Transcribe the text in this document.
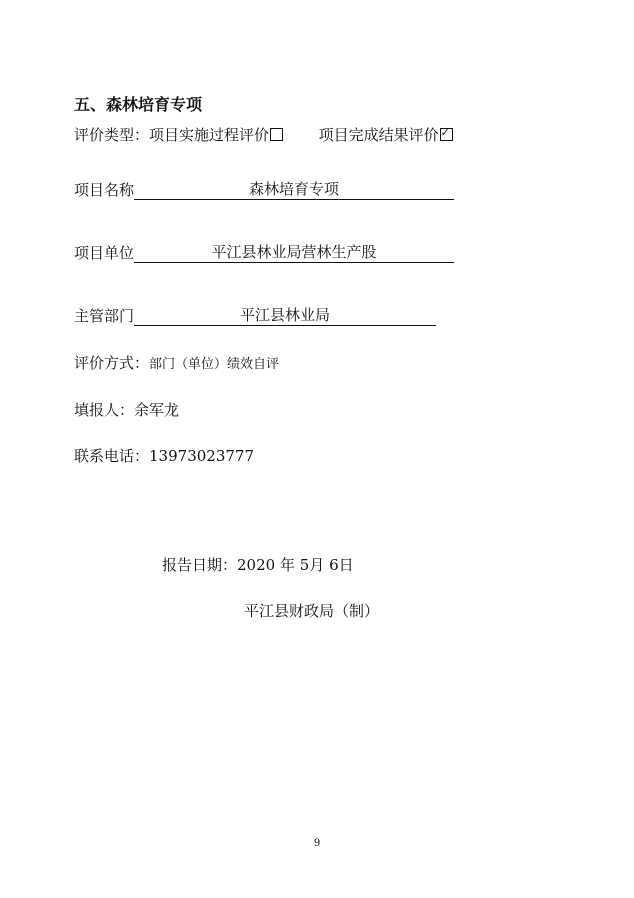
五、森林培育专项
评价类型：项目实施过程评价	项目完成结果评价 ✓
项目名称	森林培育专项
项目单位	平江县林业局营林生产股
主管部门	平江县林业局
评价方式：部门（单位）绩效自评
填报人：余军龙
联系电话：13973023777
报告日期：2020 年 5月 6日
平江县财政局（制）
9
